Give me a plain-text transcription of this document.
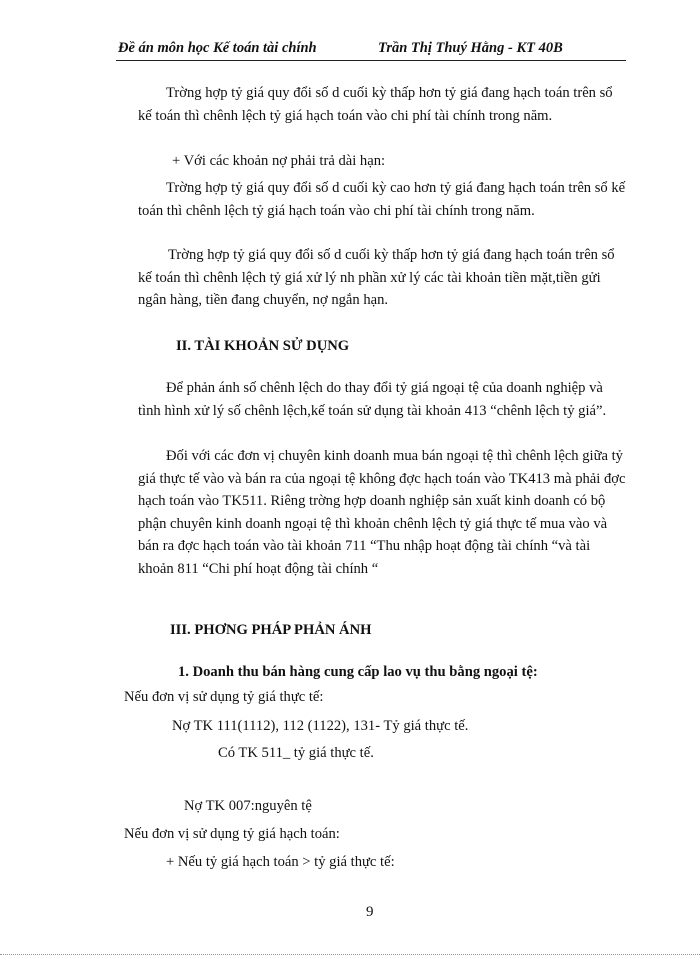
Đề án môn học Kế toán tài chính	Trần Thị Thuý Hằng - KT 40B

Trờng hợp tỷ giá quy đổi số d cuối kỳ thấp hơn tỷ giá đang hạch toán trên sổ kế toán thì chênh lệch tỷ giá hạch toán vào chi phí tài chính trong năm.

+ Với các khoản nợ phải trả dài hạn:

Trờng hợp tỷ giá quy đổi số d cuối kỳ cao hơn tỷ giá đang hạch toán trên sổ kế toán thì chênh lệch tỷ giá hạch toán vào chi phí tài chính trong năm.

Trờng hợp tỷ giá quy đổi số d cuối kỳ thấp hơn tỷ giá đang hạch toán trên sổ kế toán thì chênh lệch tỷ giá xử lý nh phần xử lý các tài khoản tiền mặt,tiền gửi ngân hàng, tiền đang chuyển, nợ ngắn hạn.

II. TÀI KHOẢN SỬ DỤNG

Để phản ánh số chênh lệch do thay đổi tỷ giá ngoại tệ của doanh nghiệp và tình hình xử lý số chênh lệch,kế toán sử dụng tài khoản 413 “chênh lệch tỷ giá”.

Đối với các đơn vị chuyên kinh doanh mua bán ngoại tệ thì chênh lệch giữa tỷ giá thực tế vào và bán ra của ngoại tệ không đợc hạch toán vào TK413 mà phải đợc hạch toán vào TK511. Riêng trờng hợp doanh nghiệp sản xuất kinh doanh có bộ phận chuyên kinh doanh ngoại tệ thì khoản chênh lệch tỷ giá thực tế mua vào và bán ra đợc hạch toán vào tài khoản 711 “Thu nhập hoạt động tài chính “và tài khoản 811 “Chi phí hoạt động tài chính “

III. PHƠNG PHÁP PHẢN ÁNH
1. Doanh thu bán hàng cung cấp lao vụ thu bằng ngoại tệ:
Nếu đơn vị sử dụng tỷ giá thực tế:
Nợ TK 111(1112), 112 (1122), 131- Tỷ giá thực tế.
Có TK 511_ tỷ giá thực tế.
Nợ TK 007:nguyên tệ
Nếu đơn vị sử dụng tỷ giá hạch toán:
+ Nếu tỷ giá hạch toán > tỷ giá thực tế:
9
